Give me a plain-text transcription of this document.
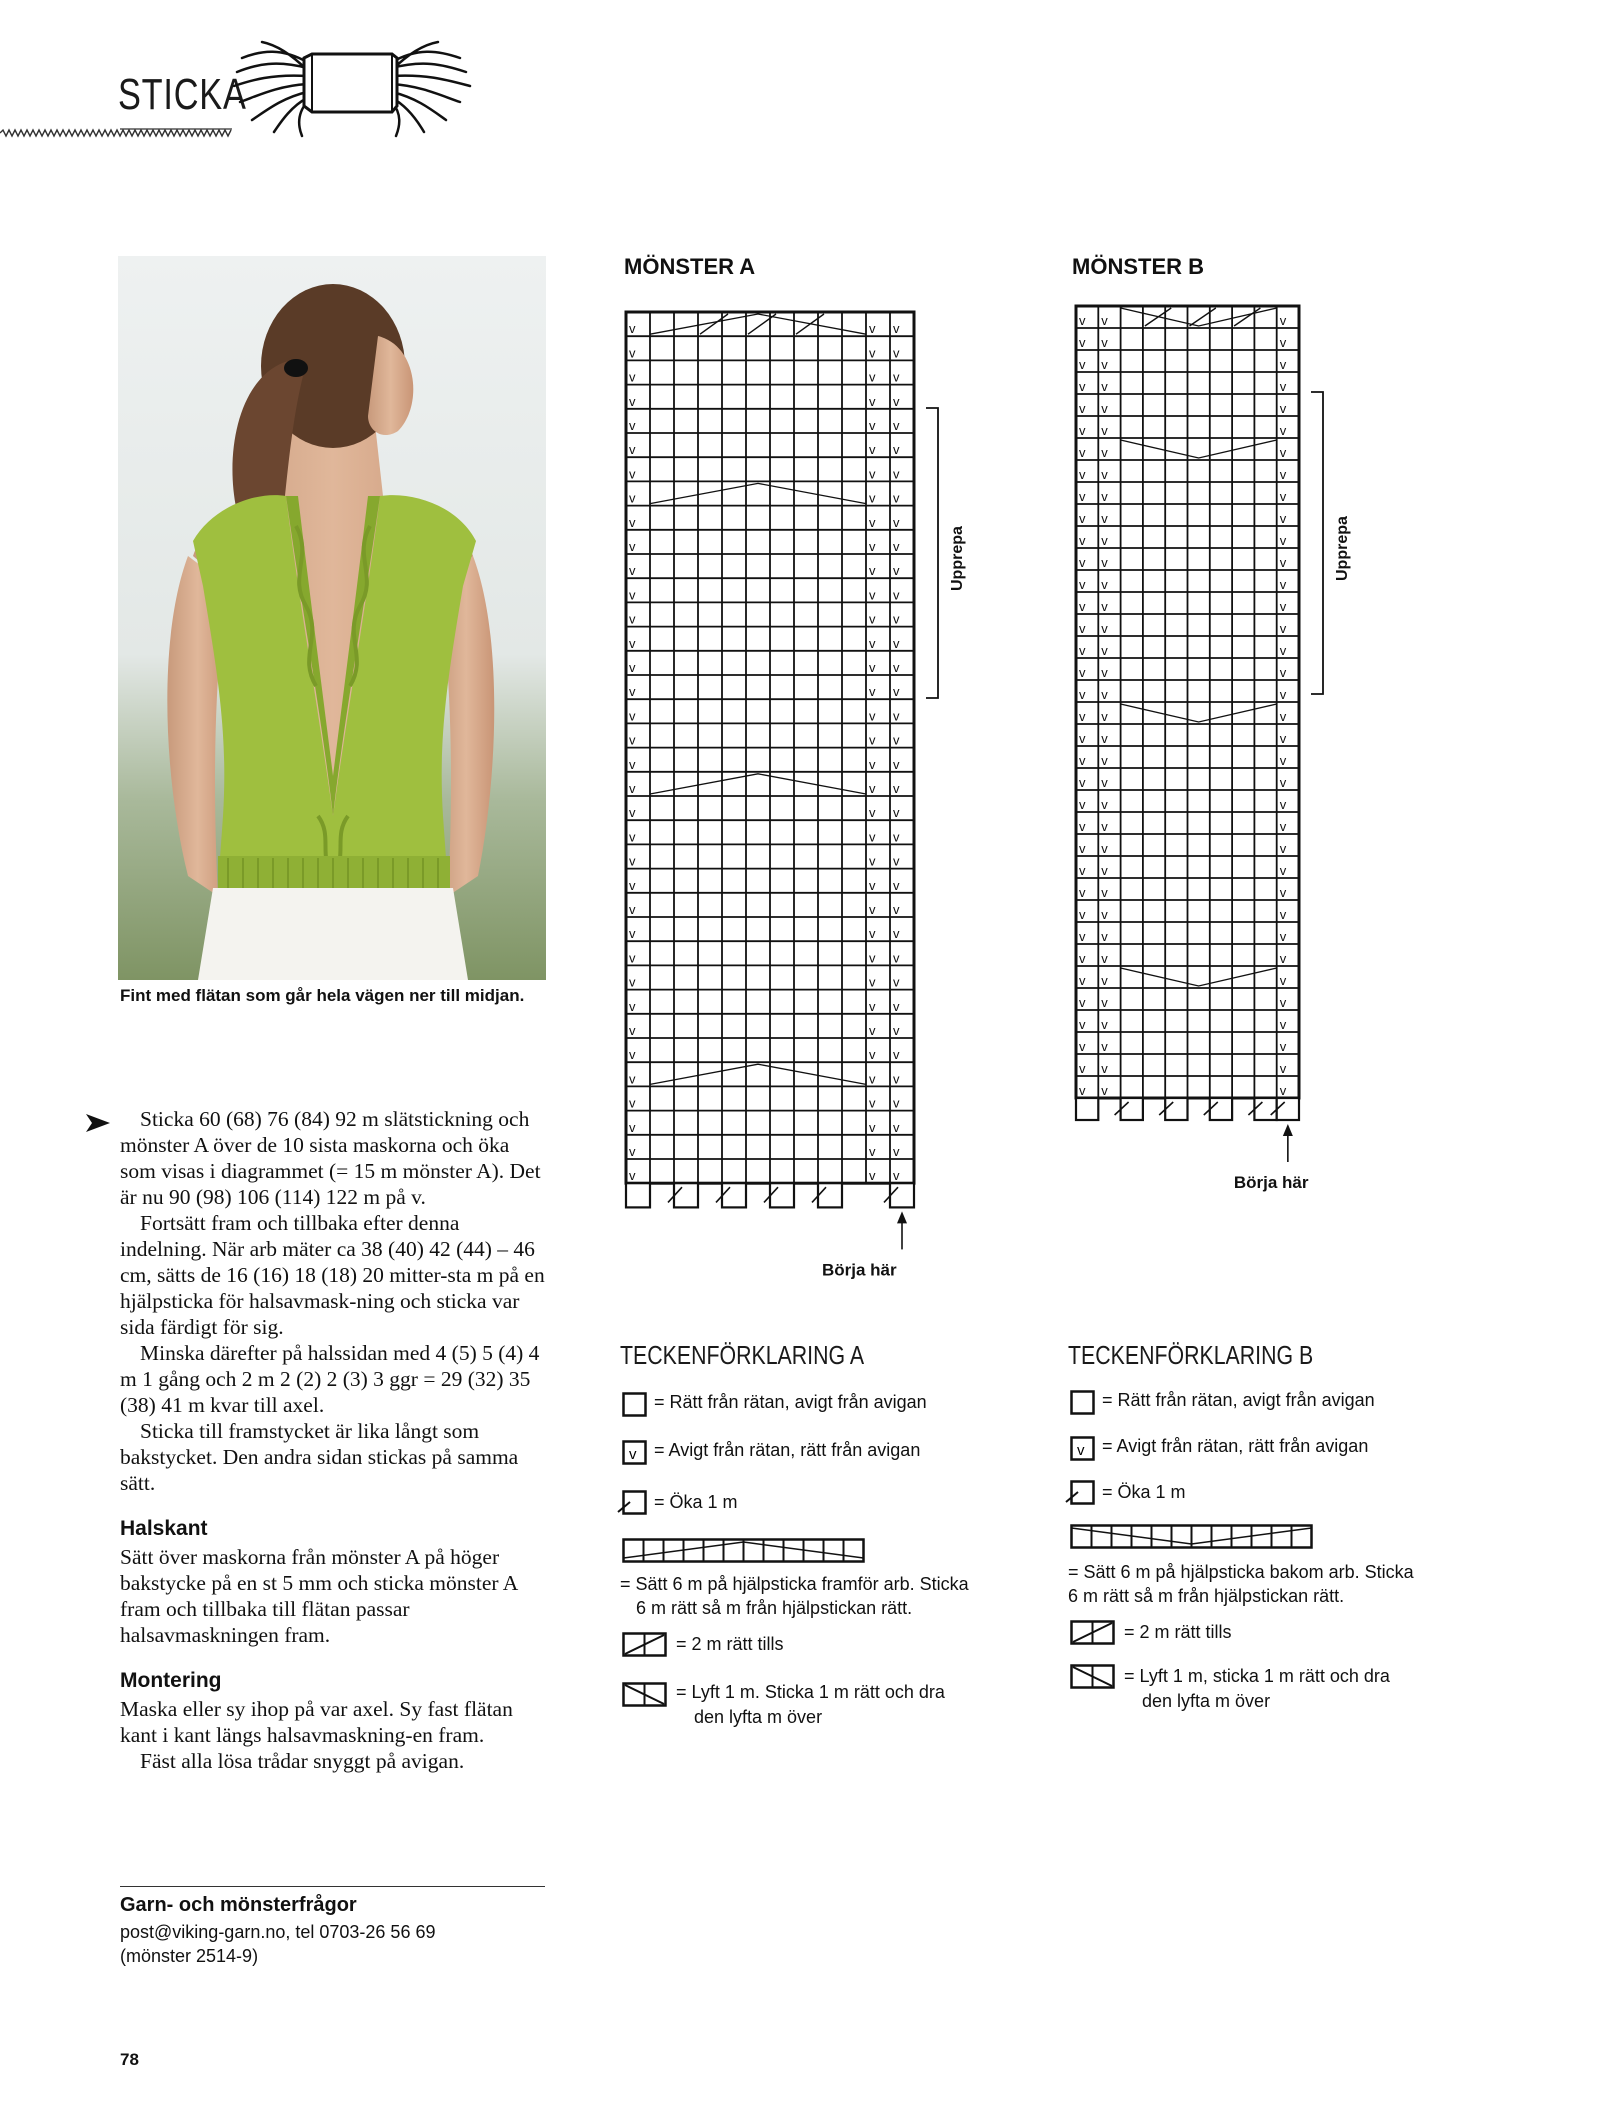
STICKA
Fint med flätan som går hela vägen ner till midjan.

Sticka 60 (68) 76 (84) 92 m slätstickning och mönster A över de 10 sista maskorna och öka som visas i diagrammet (= 15 m mönster A). Det är nu 90 (98) 106 (114) 122 m på v.

Fortsätt fram och tillbaka efter denna indelning. När arb mäter ca 38 (40) 42 (44) – 46 cm, sätts de 16 (16) 18 (18) 20 mitter-sta m på en hjälpsticka för halsavmask-ning och sticka var sida färdigt för sig.

Minska därefter på halssidan med 4 (5) 5 (4) 4 m 1 gång och 2 m 2 (2) 2 (3) 3 ggr = 29 (32) 35 (38) 41 m kvar till axel.

Sticka till framstycket är lika långt som bakstycket. Den andra sidan stickas på samma sätt.

Halskant

Sätt över maskorna från mönster A på höger bakstycke på en st 5 mm och sticka mönster A fram och tillbaka till flätan passar halsavmaskningen fram.

Montering

Maska eller sy ihop på var axel. Sy fast flätan kant i kant längs halsavmaskning-en fram.

Fäst alla lösa trådar snyggt på avigan.

Garn- och mönsterfrågor
post@viking-garn.no, tel 0703-26 56 69
(mönster 2514-9)
78
MÖNSTER A
v	v v
v	v v
v	v v
v	v v
v	v v
v	v v
v	v v
v	v v
v	v v
v	v v
v	v v
v	v v
v	v v
v	v v
v	v v
v	v v
v	v v
v	v v
v	v v
v	v v
v	v v
v	v v
v	v v
v	v v
v	v v
v	v v
v	v v
v	v v
v	v v
v	v v
v	v v
v	v v
v	v v
v	v v
v	v v
v	v v
Upprepa
Börja här
MÖNSTER B
v v	v
v v	v
v v	v
v v	v
v v	v
v v	v
v v	v
v v	v
v v	v
v v	v
v v	v
v v	v
v v	v
v v	v
v v	v
v v	v
v v	v
v v	v
v v	v
v v	v
v v	v
v v	v
v v	v
v v	v
v v	v
v v	v
v v	v
v v	v
v v	v
v v	v
v v	v
v v	v
v v	v
v v	v
v v	v
v v	v
Upprepa
Börja här
TECKENFÖRKLARING A
= Rätt från rätan, avigt från avigan
v = Avigt från rätan, rätt från avigan
= Öka 1 m
= Sätt 6 m på hjälpsticka framför arb. Sticka
6 m rätt så m från hjälpstickan rätt.
= 2 m rätt tills
= Lyft 1 m. Sticka 1 m rätt och dra
den lyfta m över
TECKENFÖRKLARING B
= Rätt från rätan, avigt från avigan
v = Avigt från rätan, rätt från avigan
= Öka 1 m
= Sätt 6 m på hjälpsticka bakom arb. Sticka
6 m rätt så m från hjälpstickan rätt.
= 2 m rätt tills
= Lyft 1 m, sticka 1 m rätt och dra
den lyfta m över
